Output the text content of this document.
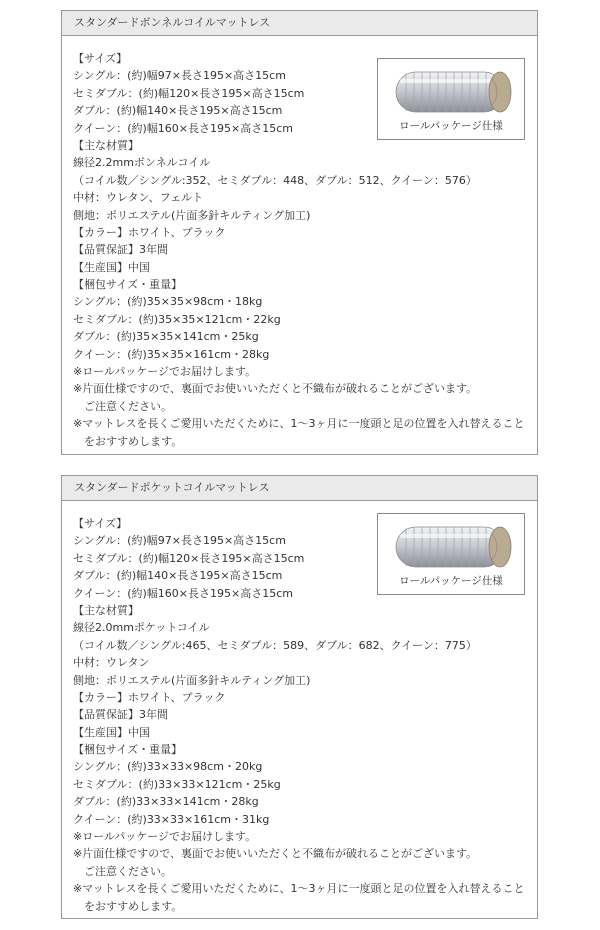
スタンダードボンネルコイルマットレス
【サイズ】
シングル：(約)幅97×長さ195×高さ15cm
セミダブル：(約)幅120×長さ195×高さ15cm
ダブル：(約)幅140×長さ195×高さ15cm
クイーン：(約)幅160×長さ195×高さ15cm
【主な材質】
線径2.2mmボンネルコイル
（コイル数／シングル:352、セミダブル：448、ダブル：512、クイーン：576）
中材：ウレタン、フェルト
側地：ポリエステル(片面多針キルティング加工)
【カラー】ホワイト、ブラック
【品質保証】3年間
【生産国】中国
【梱包サイズ・重量】
シングル：(約)35×35×98cm・18kg
セミダブル：(約)35×35×121cm・22kg
ダブル：(約)35×35×141cm・25kg
クイーン：(約)35×35×161cm・28kg
※ロールパッケージでお届けします。
※片面仕様ですので、裏面でお使いいただくと不織布が破れることがございます。
ご注意ください。
※マットレスを長くご愛用いただくために、1〜3ヶ月に一度頭と足の位置を入れ替えること
をおすすめします。
ロールパッケージ仕様
スタンダードポケットコイルマットレス
【サイズ】
シングル：(約)幅97×長さ195×高さ15cm
セミダブル：(約)幅120×長さ195×高さ15cm
ダブル：(約)幅140×長さ195×高さ15cm
クイーン：(約)幅160×長さ195×高さ15cm
【主な材質】
線径2.0mmポケットコイル
（コイル数／シングル:465、セミダブル：589、ダブル：682、クイーン：775）
中材：ウレタン
側地：ポリエステル(片面多針キルティング加工)
【カラー】ホワイト、ブラック
【品質保証】3年間
【生産国】中国
【梱包サイズ・重量】
シングル：(約)33×33×98cm・20kg
セミダブル：(約)33×33×121cm・25kg
ダブル：(約)33×33×141cm・28kg
クイーン：(約)33×33×161cm・31kg
※ロールパッケージでお届けします。
※片面仕様ですので、裏面でお使いいただくと不織布が破れることがございます。
ご注意ください。
※マットレスを長くご愛用いただくために、1〜3ヶ月に一度頭と足の位置を入れ替えること
をおすすめします。
ロールパッケージ仕様
